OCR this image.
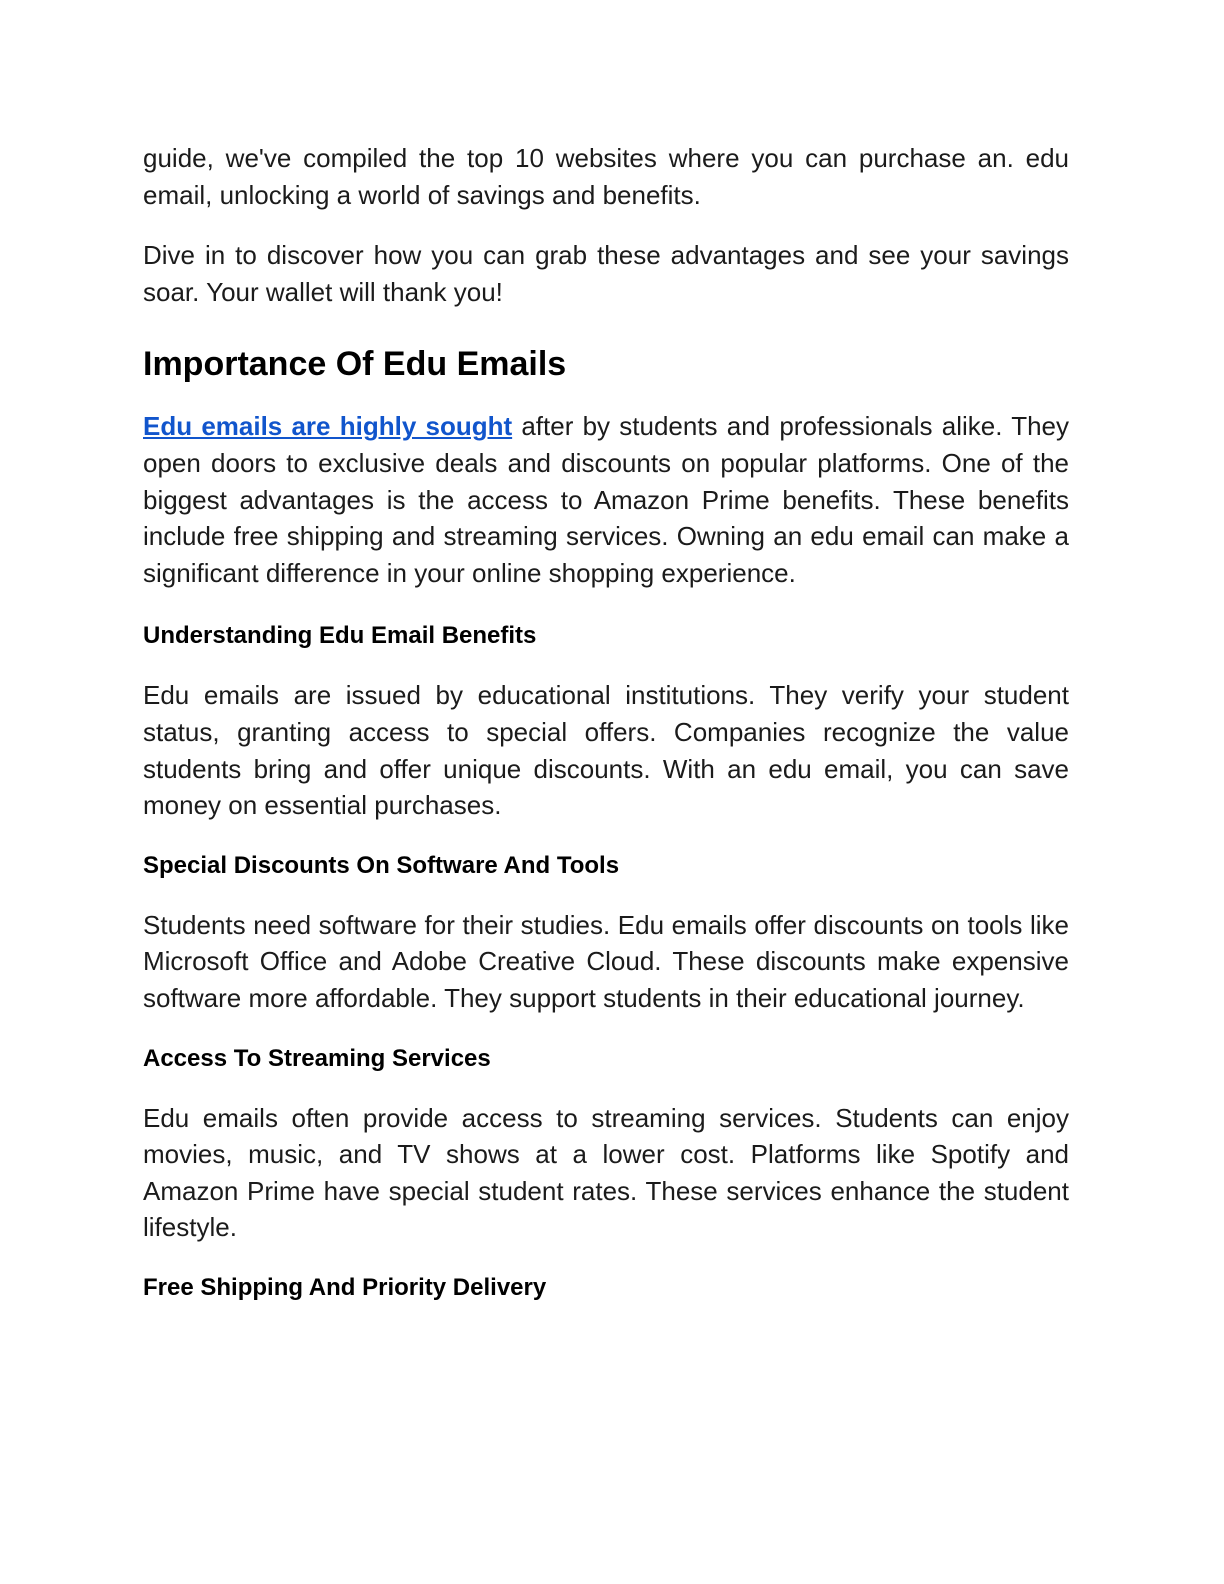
guide, we've compiled the top 10 websites where you can purchase an. edu email, unlocking a world of savings and benefits.

Dive in to discover how you can grab these advantages and see your savings soar. Your wallet will thank you!

Importance Of Edu Emails

Edu emails are highly sought after by students and professionals alike. They open doors to exclusive deals and discounts on popular platforms. One of the biggest advantages is the access to Amazon Prime benefits. These benefits include free shipping and streaming services. Owning an edu email can make a significant difference in your online shopping experience.

Understanding Edu Email Benefits

Edu emails are issued by educational institutions. They verify your student status, granting access to special offers. Companies recognize the value students bring and offer unique discounts. With an edu email, you can save money on essential purchases.

Special Discounts On Software And Tools

Students need software for their studies. Edu emails offer discounts on tools like Microsoft Office and Adobe Creative Cloud. These discounts make expensive software more affordable. They support students in their educational journey.

Access To Streaming Services

Edu emails often provide access to streaming services. Students can enjoy movies, music, and TV shows at a lower cost. Platforms like Spotify and Amazon Prime have special student rates. These services enhance the student lifestyle.

Free Shipping And Priority Delivery
